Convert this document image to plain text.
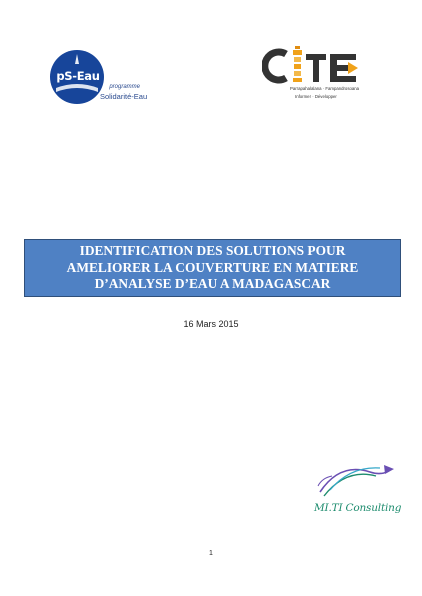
pS-Eau
programme
Solidarité-Eau
Parrapahalalana · Fampandrosoana
Informer · Développer
IDENTIFICATION DES SOLUTIONS POUR
AMELIORER LA COUVERTURE EN MATIERE
D’ANALYSE D’EAU A MADAGASCAR
16 Mars 2015
MI.TI Consulting
1
